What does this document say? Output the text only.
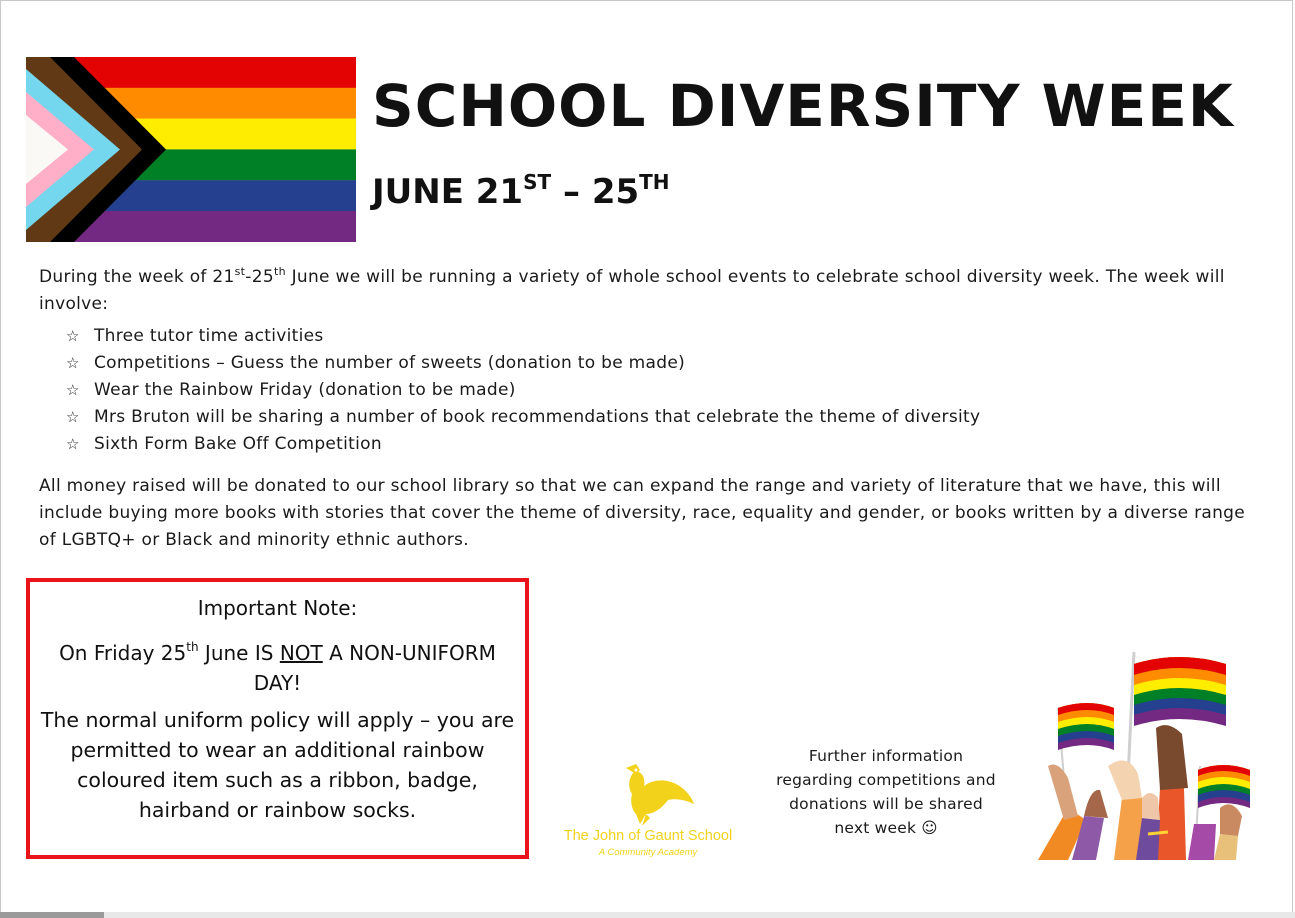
SCHOOL DIVERSITY WEEK
JUNE 21ST – 25TH

During the week of 21st-25th June we will be running a variety of whole school events to celebrate school diversity week. The week will involve:

☆ Three tutor time activities
☆ Competitions – Guess the number of sweets (donation to be made)
☆ Wear the Rainbow Friday (donation to be made)
☆ Mrs Bruton will be sharing a number of book recommendations that celebrate the theme of diversity
☆ Sixth Form Bake Off Competition

All money raised will be donated to our school library so that we can expand the range and variety of literature that we have, this will include buying more books with stories that cover the theme of diversity, race, equality and gender, or books written by a diverse range of LGBTQ+ or Black and minority ethnic authors.

Important Note:

On Friday 25th June IS NOT A NON-UNIFORM DAY!

The normal uniform policy will apply – you are permitted to wear an additional rainbow coloured item such as a ribbon, badge, hairband or rainbow socks.

The John of Gaunt School

A Community Academy

Further information regarding competitions and donations will be shared next week ☺
